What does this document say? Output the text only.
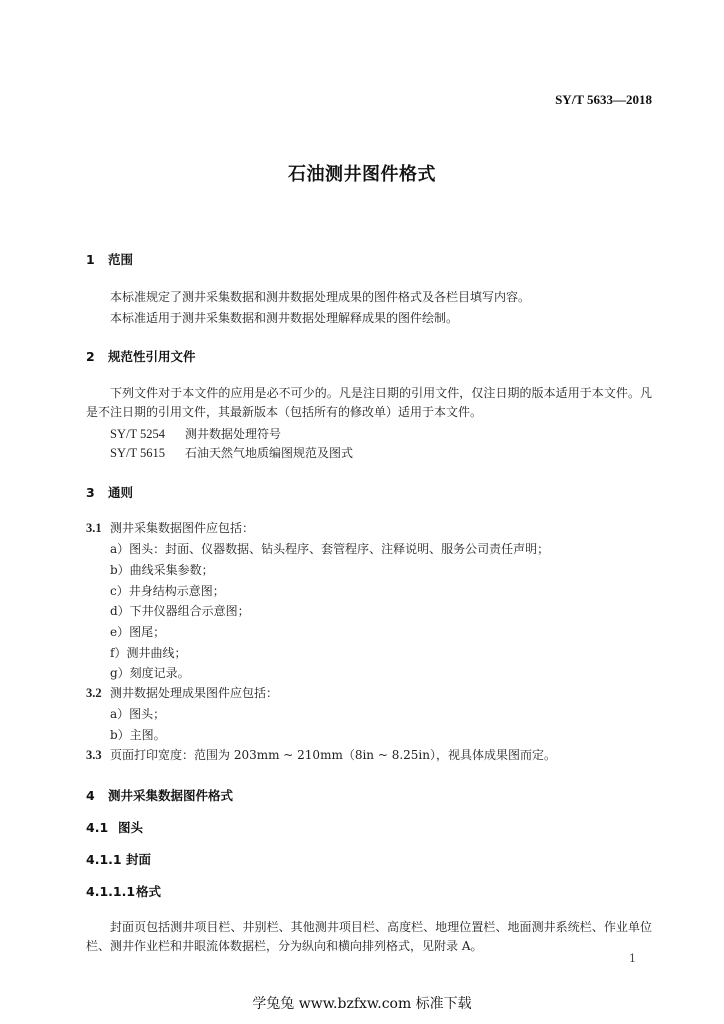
SY/T 5633—2018
石油测井图件格式
1 范围
本标准规定了测井采集数据和测井数据处理成果的图件格式及各栏目填写内容。
本标准适用于测井采集数据和测井数据处理解释成果的图件绘制。
2 规范性引用文件
下列文件对于本文件的应用是必不可少的。凡是注日期的引用文件，仅注日期的版本适用于本文件。凡是不注日期的引用文件，其最新版本（包括所有的修改单）适用于本文件。
SY/T 5254 测井数据处理符号
SY/T 5615 石油天然气地质编图规范及图式
3 通则
3.1 测井采集数据图件应包括：
a）图头：封面、仪器数据、钻头程序、套管程序、注释说明、服务公司责任声明；
b）曲线采集参数；
c）井身结构示意图；
d）下井仪器组合示意图；
e）图尾；
f）测井曲线；
g）刻度记录。
3.2 测井数据处理成果图件应包括：
a）图头；
b）主图。
3.3 页面打印宽度：范围为 203mm ~ 210mm（8in ~ 8.25in），视具体成果图而定。
4 测井采集数据图件格式
4.1 图头
4.1.1 封面
4.1.1.1格式
封面页包括测井项目栏、井别栏、其他测井项目栏、高度栏、地理位置栏、地面测井系统栏、作业单位栏、测井作业栏和井眼流体数据栏，分为纵向和横向排列格式，见附录 A。
1
学兔兔 www.bzfxw.com 标准下载
